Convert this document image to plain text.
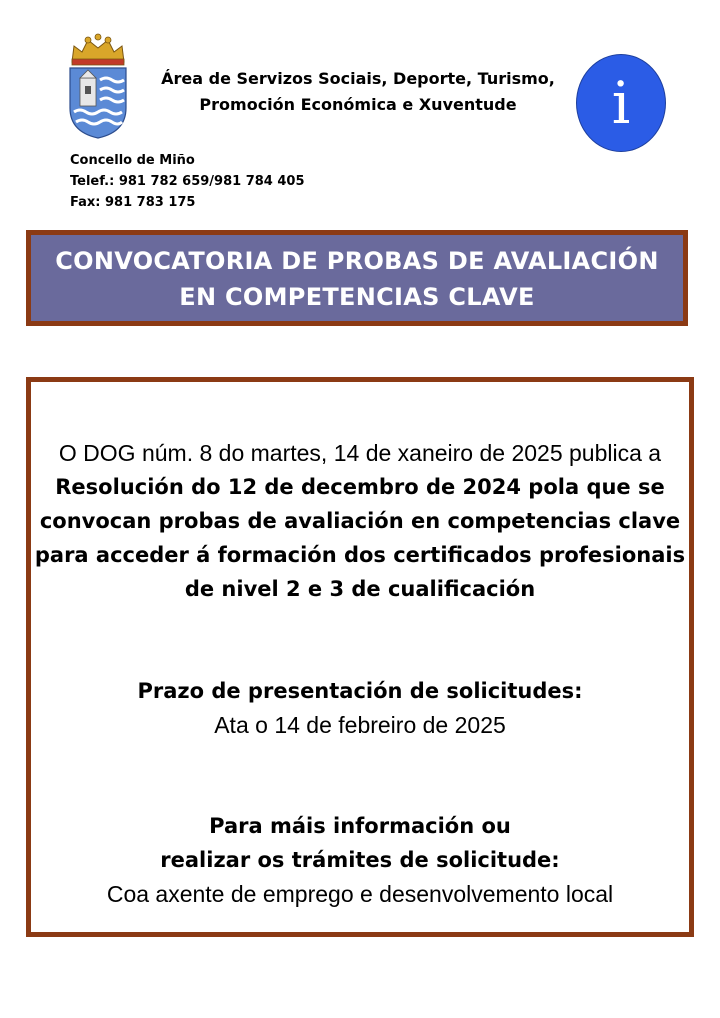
Área de Servizos Sociais, Deporte, Turismo,
Promoción Económica e Xuventude	i
Concello de Miño
Telef.: 981 782 659/981 784 405
Fax: 981 783 175
CONVOCATORIA DE PROBAS DE AVALIACIÓN
EN COMPETENCIAS CLAVE
O DOG núm. 8 do martes, 14 de xaneiro de 2025 publica a
Resolución do 12 de decembro de 2024 pola que se
convocan probas de avaliación en competencias clave
para acceder á formación dos certificados profesionais
de nivel 2 e 3 de cualificación
Prazo de presentación de solicitudes:
Ata o 14 de febreiro de 2025
Para máis información ou
realizar os trámites de solicitude:
Coa axente de emprego e desenvolvemento local
